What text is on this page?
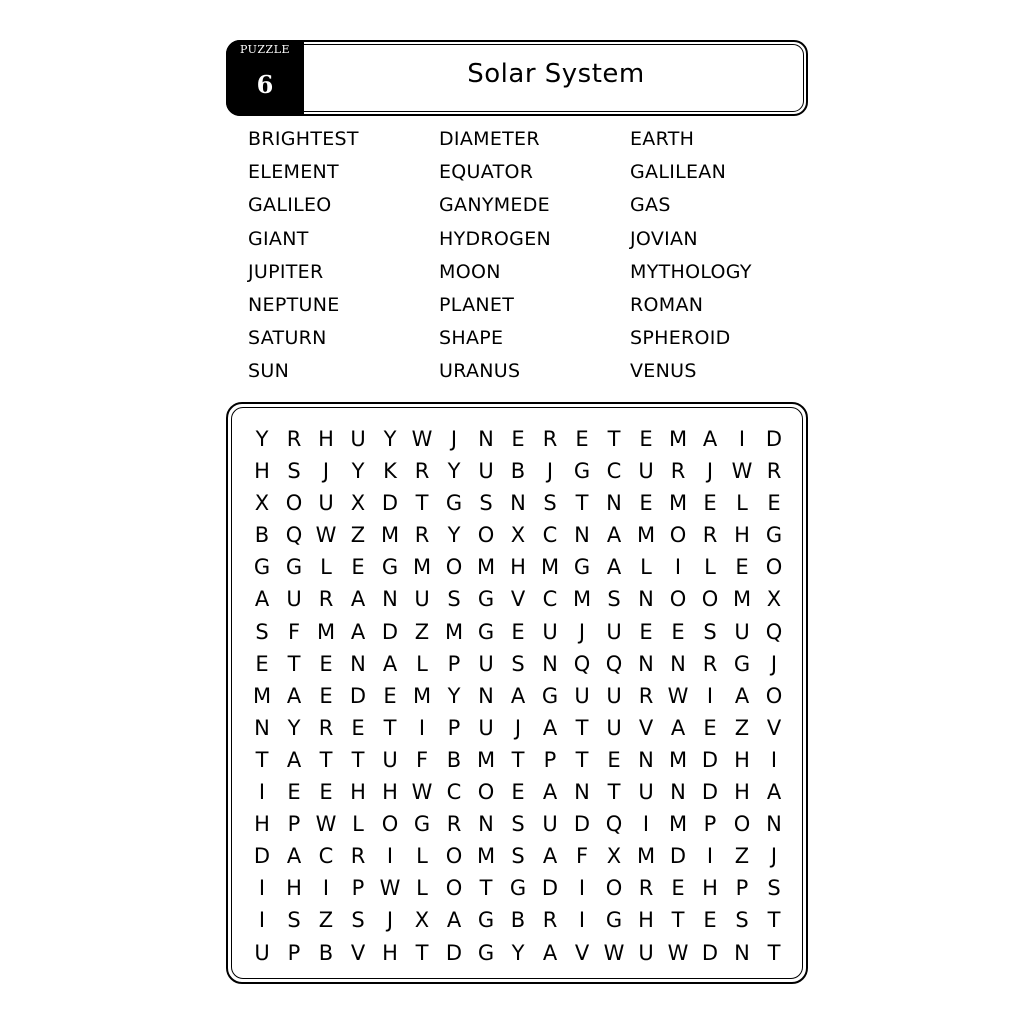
PUZZLE
6	Solar System
BRIGHTEST	DIAMETER	EARTH
ELEMENT	EQUATOR	GALILEAN
GALILEO	GANYMEDE	GAS
GIANT	HYDROGEN	JOVIAN
JUPITER	MOON	MYTHOLOGY
NEPTUNE	PLANET	ROMAN
SATURN	SHAPE	SPHEROID
SUN	URANUS	VENUS
Y R H U Y W J	N E R E T E M A	I D
H S	J	Y K R Y U B	J G C U R	J W R
X O U X D T G S N S T N E M E L E
B Q W Z M R Y O X C N A M O R H G
G G L E G M O M H M G A L	I	L E O
A U R A N U S G V C M S N O O M X
S F M A D Z M G E U	J	U E E S U Q
E T E N A L P U S N Q Q N N R G J
M A E D E M Y N A G U U R W I	A O
N Y R E T	I	P U	J	A T U V A E Z V
T A T T U F B M T P T E N M D H	I
I	E E H H W C O E A N T U N D H A
H P W L O G R N S U D Q I M P O N
D A C R	I	L O M S A F X M D I	Z	J
I	H	I	P W L O T G D I O R E H P S
I	S Z S	J	X A G B R	I G H T E S T
U P B V H T D G Y A V W U W D N T
